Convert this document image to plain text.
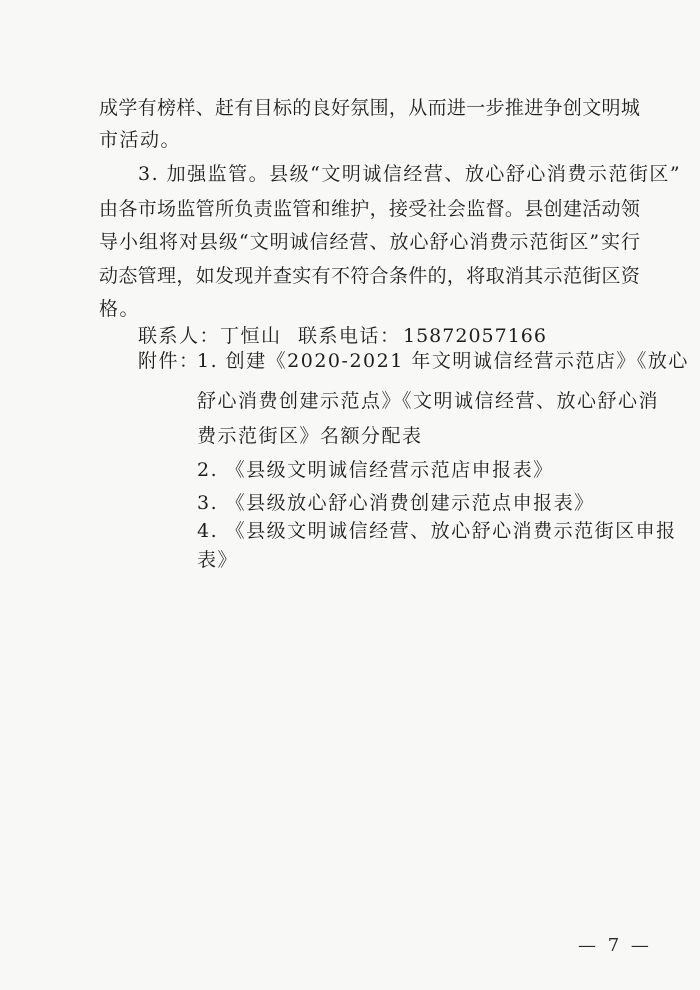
成 学 有 榜 样 、 赶 有 目 标 的 良 好 氛 围 ， 从 而 进 一 步 推 进 争 创 文 明 城
市活动。
3. 加强监管。县级“文明诚信经营、放心舒心消费示范街区”
由 各 市 场 监 管 所 负 责 监 管 和 维 护 ， 接 受 社 会 监 督 。 县 创 建 活 动 领
导 小 组 将 对 县 级 “ 文 明 诚 信 经 营 、 放 心 舒 心 消 费 示 范 街 区 ” 实 行
动 态 管 理 ， 如 发 现 并 查 实 有 不 符 合 条 件 的 ， 将 取 消 其 示 范 街 区 资
格。
联系人： 丁恒山 联系电话： 15872057166
附件：
1. 创建《2020-2021 年文明诚信经营示范店》《放心
舒心消费创建示范点》《文明诚信经营、放心舒心消
费示范街区》名额分配表
2. 《县级文明诚信经营示范店申报表》
3. 《县级放心舒心消费创建示范点申报表》
4. 《县级文明诚信经营、放心舒心消费示范街区申报
表》
— 7 —
